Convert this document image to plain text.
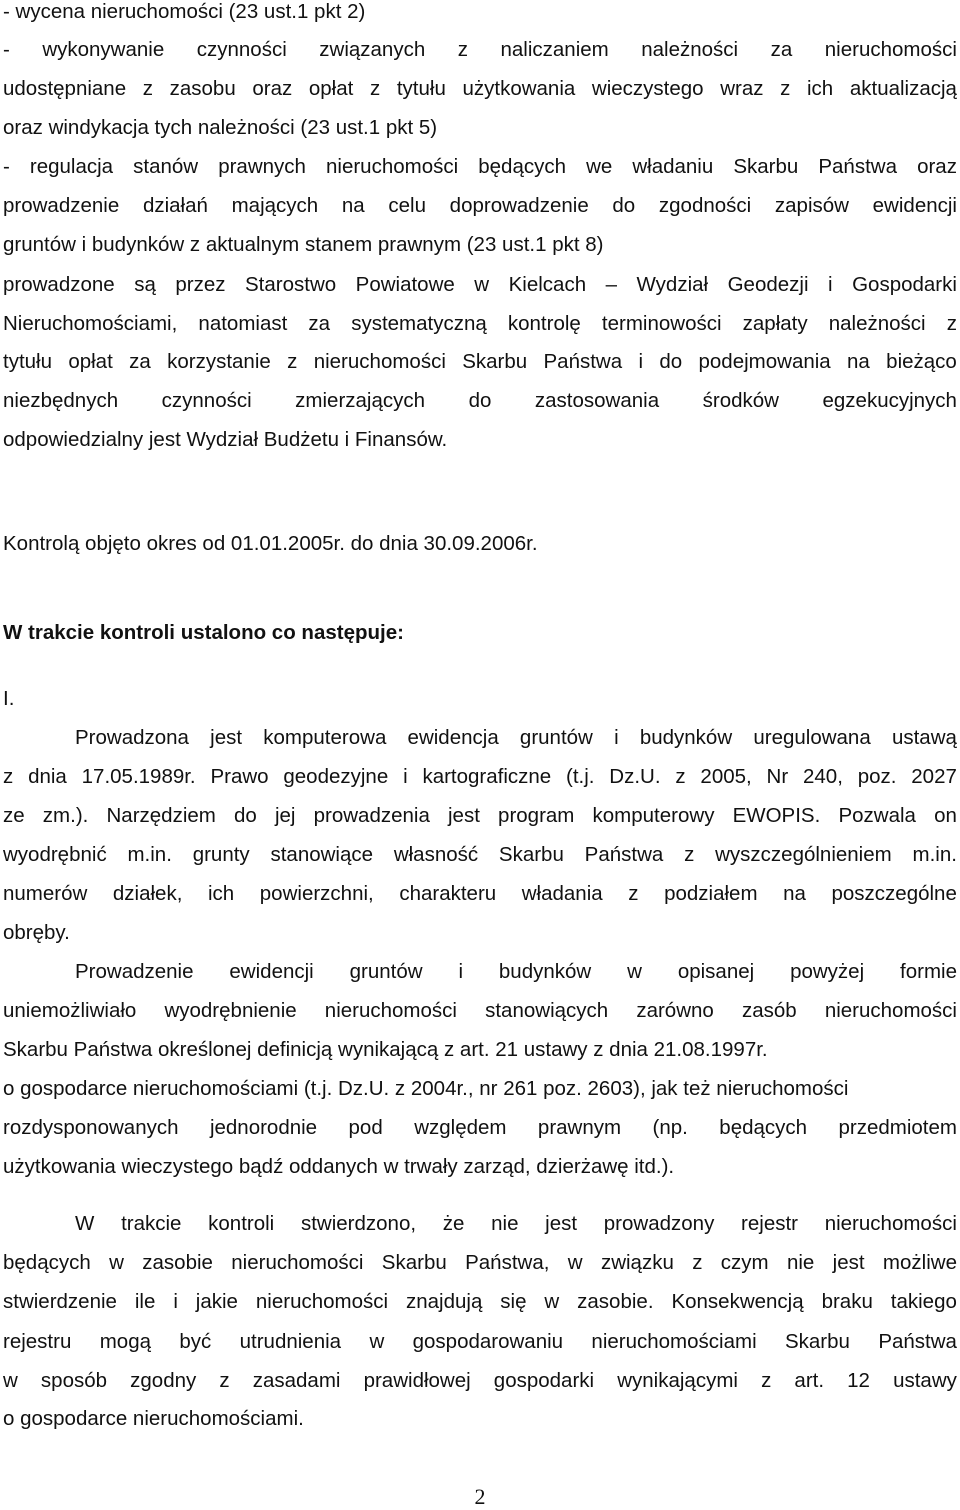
- wycena nieruchomości (23 ust.1 pkt 2)
- wykonywanie czynności związanych z naliczaniem należności za nieruchomości
udostępniane z zasobu oraz opłat z tytułu użytkowania wieczystego wraz z ich aktualizacją
oraz windykacja tych należności (23 ust.1 pkt 5)
- regulacja stanów prawnych nieruchomości będących we władaniu Skarbu Państwa oraz
prowadzenie działań mających na celu doprowadzenie do zgodności zapisów ewidencji
gruntów i budynków z aktualnym stanem prawnym (23 ust.1 pkt 8)
prowadzone są przez Starostwo Powiatowe w Kielcach – Wydział Geodezji i Gospodarki
Nieruchomościami, natomiast za systematyczną kontrolę terminowości zapłaty należności z
tytułu opłat za korzystanie z nieruchomości Skarbu Państwa i do podejmowania na bieżąco
niezbędnych czynności zmierzających do zastosowania środków egzekucyjnych
odpowiedzialny jest Wydział Budżetu i Finansów.
Kontrolą objęto okres od 01.01.2005r. do dnia 30.09.2006r.
W trakcie kontroli ustalono co następuje:
I.
Prowadzona jest komputerowa ewidencja gruntów i budynków uregulowana ustawą
z dnia 17.05.1989r. Prawo geodezyjne i kartograficzne (t.j. Dz.U. z 2005, Nr 240, poz. 2027
ze zm.). Narzędziem do jej prowadzenia jest program komputerowy EWOPIS. Pozwala on
wyodrębnić m.in. grunty stanowiące własność Skarbu Państwa z wyszczególnieniem m.in.
numerów działek, ich powierzchni, charakteru władania z podziałem na poszczególne
obręby.
Prowadzenie ewidencji gruntów i budynków w opisanej powyżej formie
uniemożliwiało wyodrębnienie nieruchomości stanowiących zarówno zasób nieruchomości
Skarbu Państwa określonej definicją wynikającą z art. 21 ustawy z dnia 21.08.1997r.
o gospodarce nieruchomościami (t.j. Dz.U. z 2004r., nr 261 poz. 2603), jak też nieruchomości
rozdysponowanych jednorodnie pod względem prawnym (np. będących przedmiotem
użytkowania wieczystego bądź oddanych w trwały zarząd, dzierżawę itd.).
W trakcie kontroli stwierdzono, że nie jest prowadzony rejestr nieruchomości
będących w zasobie nieruchomości Skarbu Państwa, w związku z czym nie jest możliwe
stwierdzenie ile i jakie nieruchomości znajdują się w zasobie. Konsekwencją braku takiego
rejestru mogą być utrudnienia w gospodarowaniu nieruchomościami Skarbu Państwa
w sposób zgodny z zasadami prawidłowej gospodarki wynikającymi z art. 12 ustawy
o gospodarce nieruchomościami.
2
